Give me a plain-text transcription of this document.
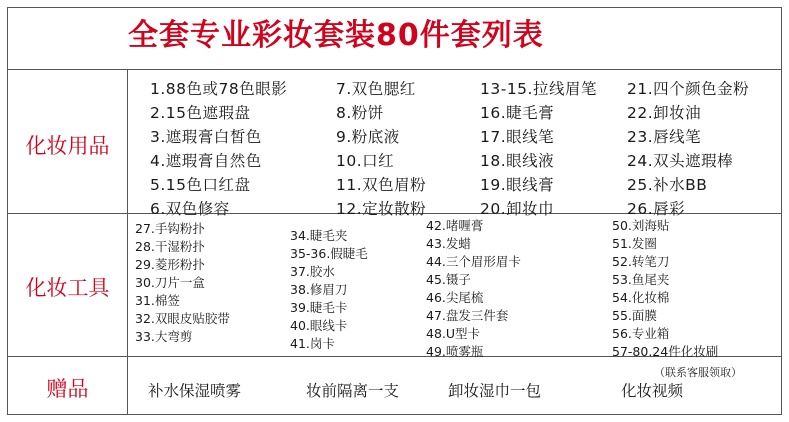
全套专业彩妆套装80件套列表
化妆用品
1.88色或78色眼影
2.15色遮瑕盘
3.遮瑕膏白皙色
4.遮瑕膏自然色
5.15色口红盘
6.双色修容
7.双色腮红
8.粉饼
9.粉底液
10.口红
11.双色眉粉
12.定妆散粉
13-15.拉线眉笔
16.睫毛膏
17.眼线笔
18.眼线液
19.眼线膏
20.卸妆巾
21.四个颜色金粉
22.卸妆油
23.唇线笔
24.双头遮瑕棒
25.补水BB
26.唇彩
化妆工具
27.手钩粉扑
28.干湿粉扑
29.菱形粉扑
30.刀片一盒
31.棉签
32.双眼皮贴胶带
33.大弯剪
34.睫毛夹
35-36.假睫毛
37.胶水
38.修眉刀
39.睫毛卡
40.眼线卡
41.岗卡
42.啫喱膏
43.发蜡
44.三个眉形眉卡
45.镊子
46.尖尾梳
47.盘发三件套
48.U型卡
49.喷雾瓶
50.刘海贴
51.发圈
52.转笔刀
53.鱼尾夹
54.化妆棉
55.面膜
56.专业箱
57-80.24件化妆刷
赠品	补水保湿喷雾	妆前隔离一支	卸妆湿巾一包	化妆视频
（联系客服领取）
